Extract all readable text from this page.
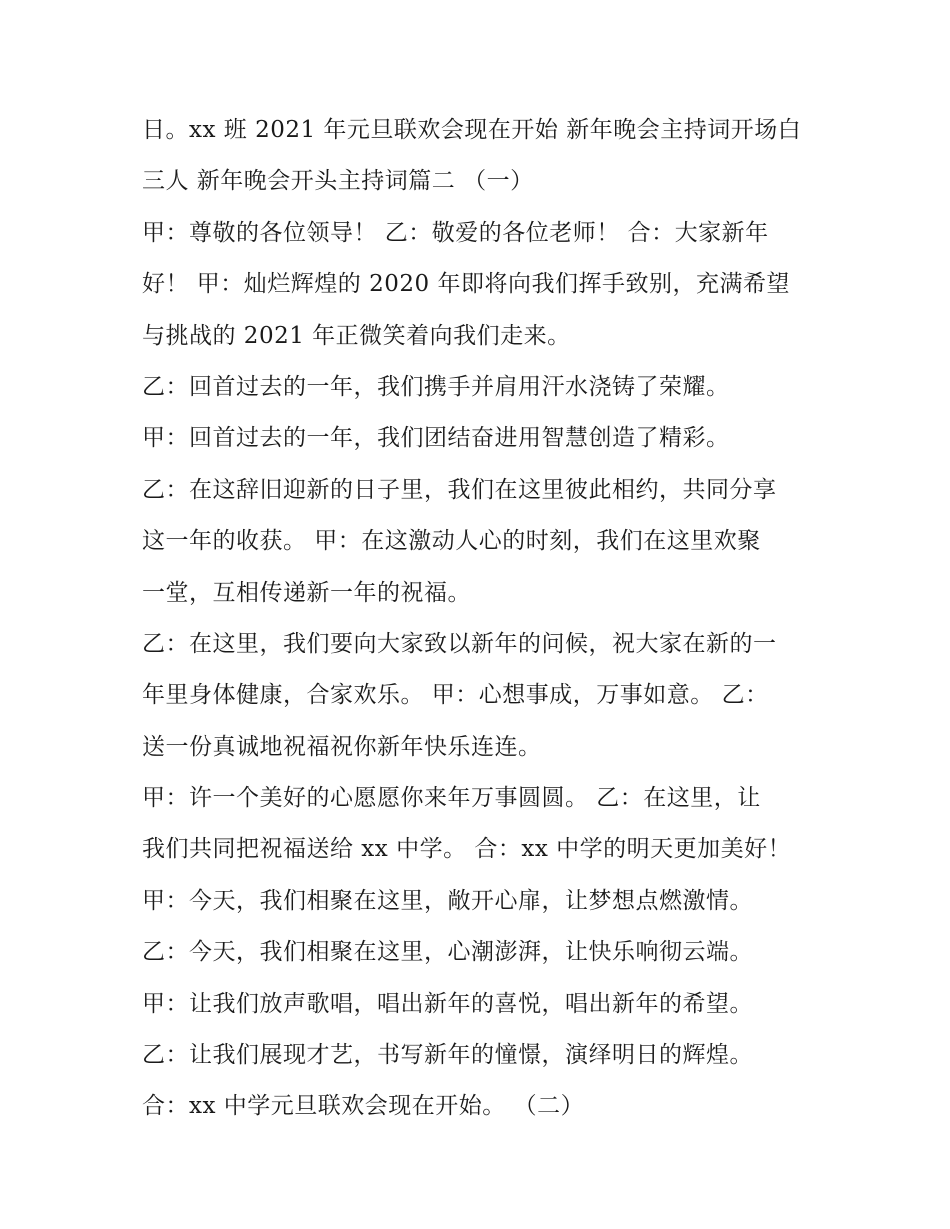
日。xx 班 2021 年元旦联欢会现在开始 新年晚会主持词开场白
三人 新年晚会开头主持词篇二 （一）
甲：尊敬的各位领导！ 乙：敬爱的各位老师！ 合：大家新年
好！ 甲：灿烂辉煌的 2020 年即将向我们挥手致别，充满希望
与挑战的 2021 年正微笑着向我们走来。
乙：回首过去的一年，我们携手并肩用汗水浇铸了荣耀。
甲：回首过去的一年，我们团结奋进用智慧创造了精彩。
乙：在这辞旧迎新的日子里，我们在这里彼此相约，共同分享
这一年的收获。 甲：在这激动人心的时刻，我们在这里欢聚
一堂，互相传递新一年的祝福。
乙：在这里，我们要向大家致以新年的问候，祝大家在新的一
年里身体健康，合家欢乐。 甲：心想事成，万事如意。 乙：
送一份真诚地祝福祝你新年快乐连连。
甲：许一个美好的心愿愿你来年万事圆圆。 乙：在这里，让
我们共同把祝福送给 xx 中学。 合：xx 中学的明天更加美好！
甲：今天，我们相聚在这里，敞开心扉，让梦想点燃激情。
乙：今天，我们相聚在这里，心潮澎湃，让快乐响彻云端。
甲：让我们放声歌唱，唱出新年的喜悦，唱出新年的希望。
乙：让我们展现才艺，书写新年的憧憬，演绎明日的辉煌。
合：xx 中学元旦联欢会现在开始。 （二）
